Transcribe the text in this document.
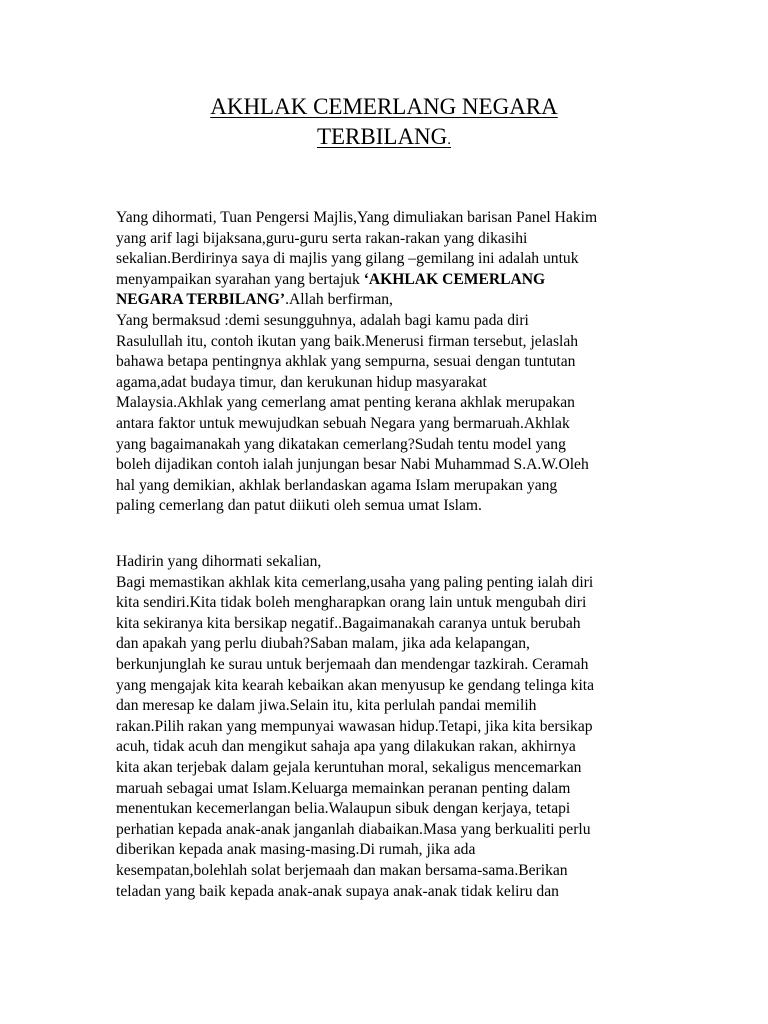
AKHLAK CEMERLANG NEGARA
TERBILANG.

Yang dihormati, Tuan Pengersi Majlis,Yang dimuliakan barisan Panel Hakim
yang arif lagi bijaksana,guru-guru serta rakan-rakan yang dikasihi
sekalian.Berdirinya saya di majlis yang gilang –gemilang ini adalah untuk
menyampaikan syarahan yang bertajuk ‘AKHLAK CEMERLANG
NEGARA TERBILANG’.Allah berfirman,
Yang bermaksud :demi sesungguhnya, adalah bagi kamu pada diri
Rasulullah itu, contoh ikutan yang baik.Menerusi firman tersebut, jelaslah
bahawa betapa pentingnya akhlak yang sempurna, sesuai dengan tuntutan
agama,adat budaya timur, dan kerukunan hidup masyarakat
Malaysia.Akhlak yang cemerlang amat penting kerana akhlak merupakan
antara faktor untuk mewujudkan sebuah Negara yang bermaruah.Akhlak
yang bagaimanakah yang dikatakan cemerlang?Sudah tentu model yang
boleh dijadikan contoh ialah junjungan besar Nabi Muhammad S.A.W.Oleh
hal yang demikian, akhlak berlandaskan agama Islam merupakan yang
paling cemerlang dan patut diikuti oleh semua umat Islam.

Hadirin yang dihormati sekalian,
Bagi memastikan akhlak kita cemerlang,usaha yang paling penting ialah diri
kita sendiri.Kita tidak boleh mengharapkan orang lain untuk mengubah diri
kita sekiranya kita bersikap negatif..Bagaimanakah caranya untuk berubah
dan apakah yang perlu diubah?Saban malam, jika ada kelapangan,
berkunjunglah ke surau untuk berjemaah dan mendengar tazkirah. Ceramah
yang mengajak kita kearah kebaikan akan menyusup ke gendang telinga kita
dan meresap ke dalam jiwa.Selain itu, kita perlulah pandai memilih
rakan.Pilih rakan yang mempunyai wawasan hidup.Tetapi, jika kita bersikap
acuh, tidak acuh dan mengikut sahaja apa yang dilakukan rakan, akhirnya
kita akan terjebak dalam gejala keruntuhan moral, sekaligus mencemarkan
maruah sebagai umat Islam.Keluarga memainkan peranan penting dalam
menentukan kecemerlangan belia.Walaupun sibuk dengan kerjaya, tetapi
perhatian kepada anak-anak janganlah diabaikan.Masa yang berkualiti perlu
diberikan kepada anak masing-masing.Di rumah, jika ada
kesempatan,bolehlah solat berjemaah dan makan bersama-sama.Berikan
teladan yang baik kepada anak-anak supaya anak-anak tidak keliru dan
